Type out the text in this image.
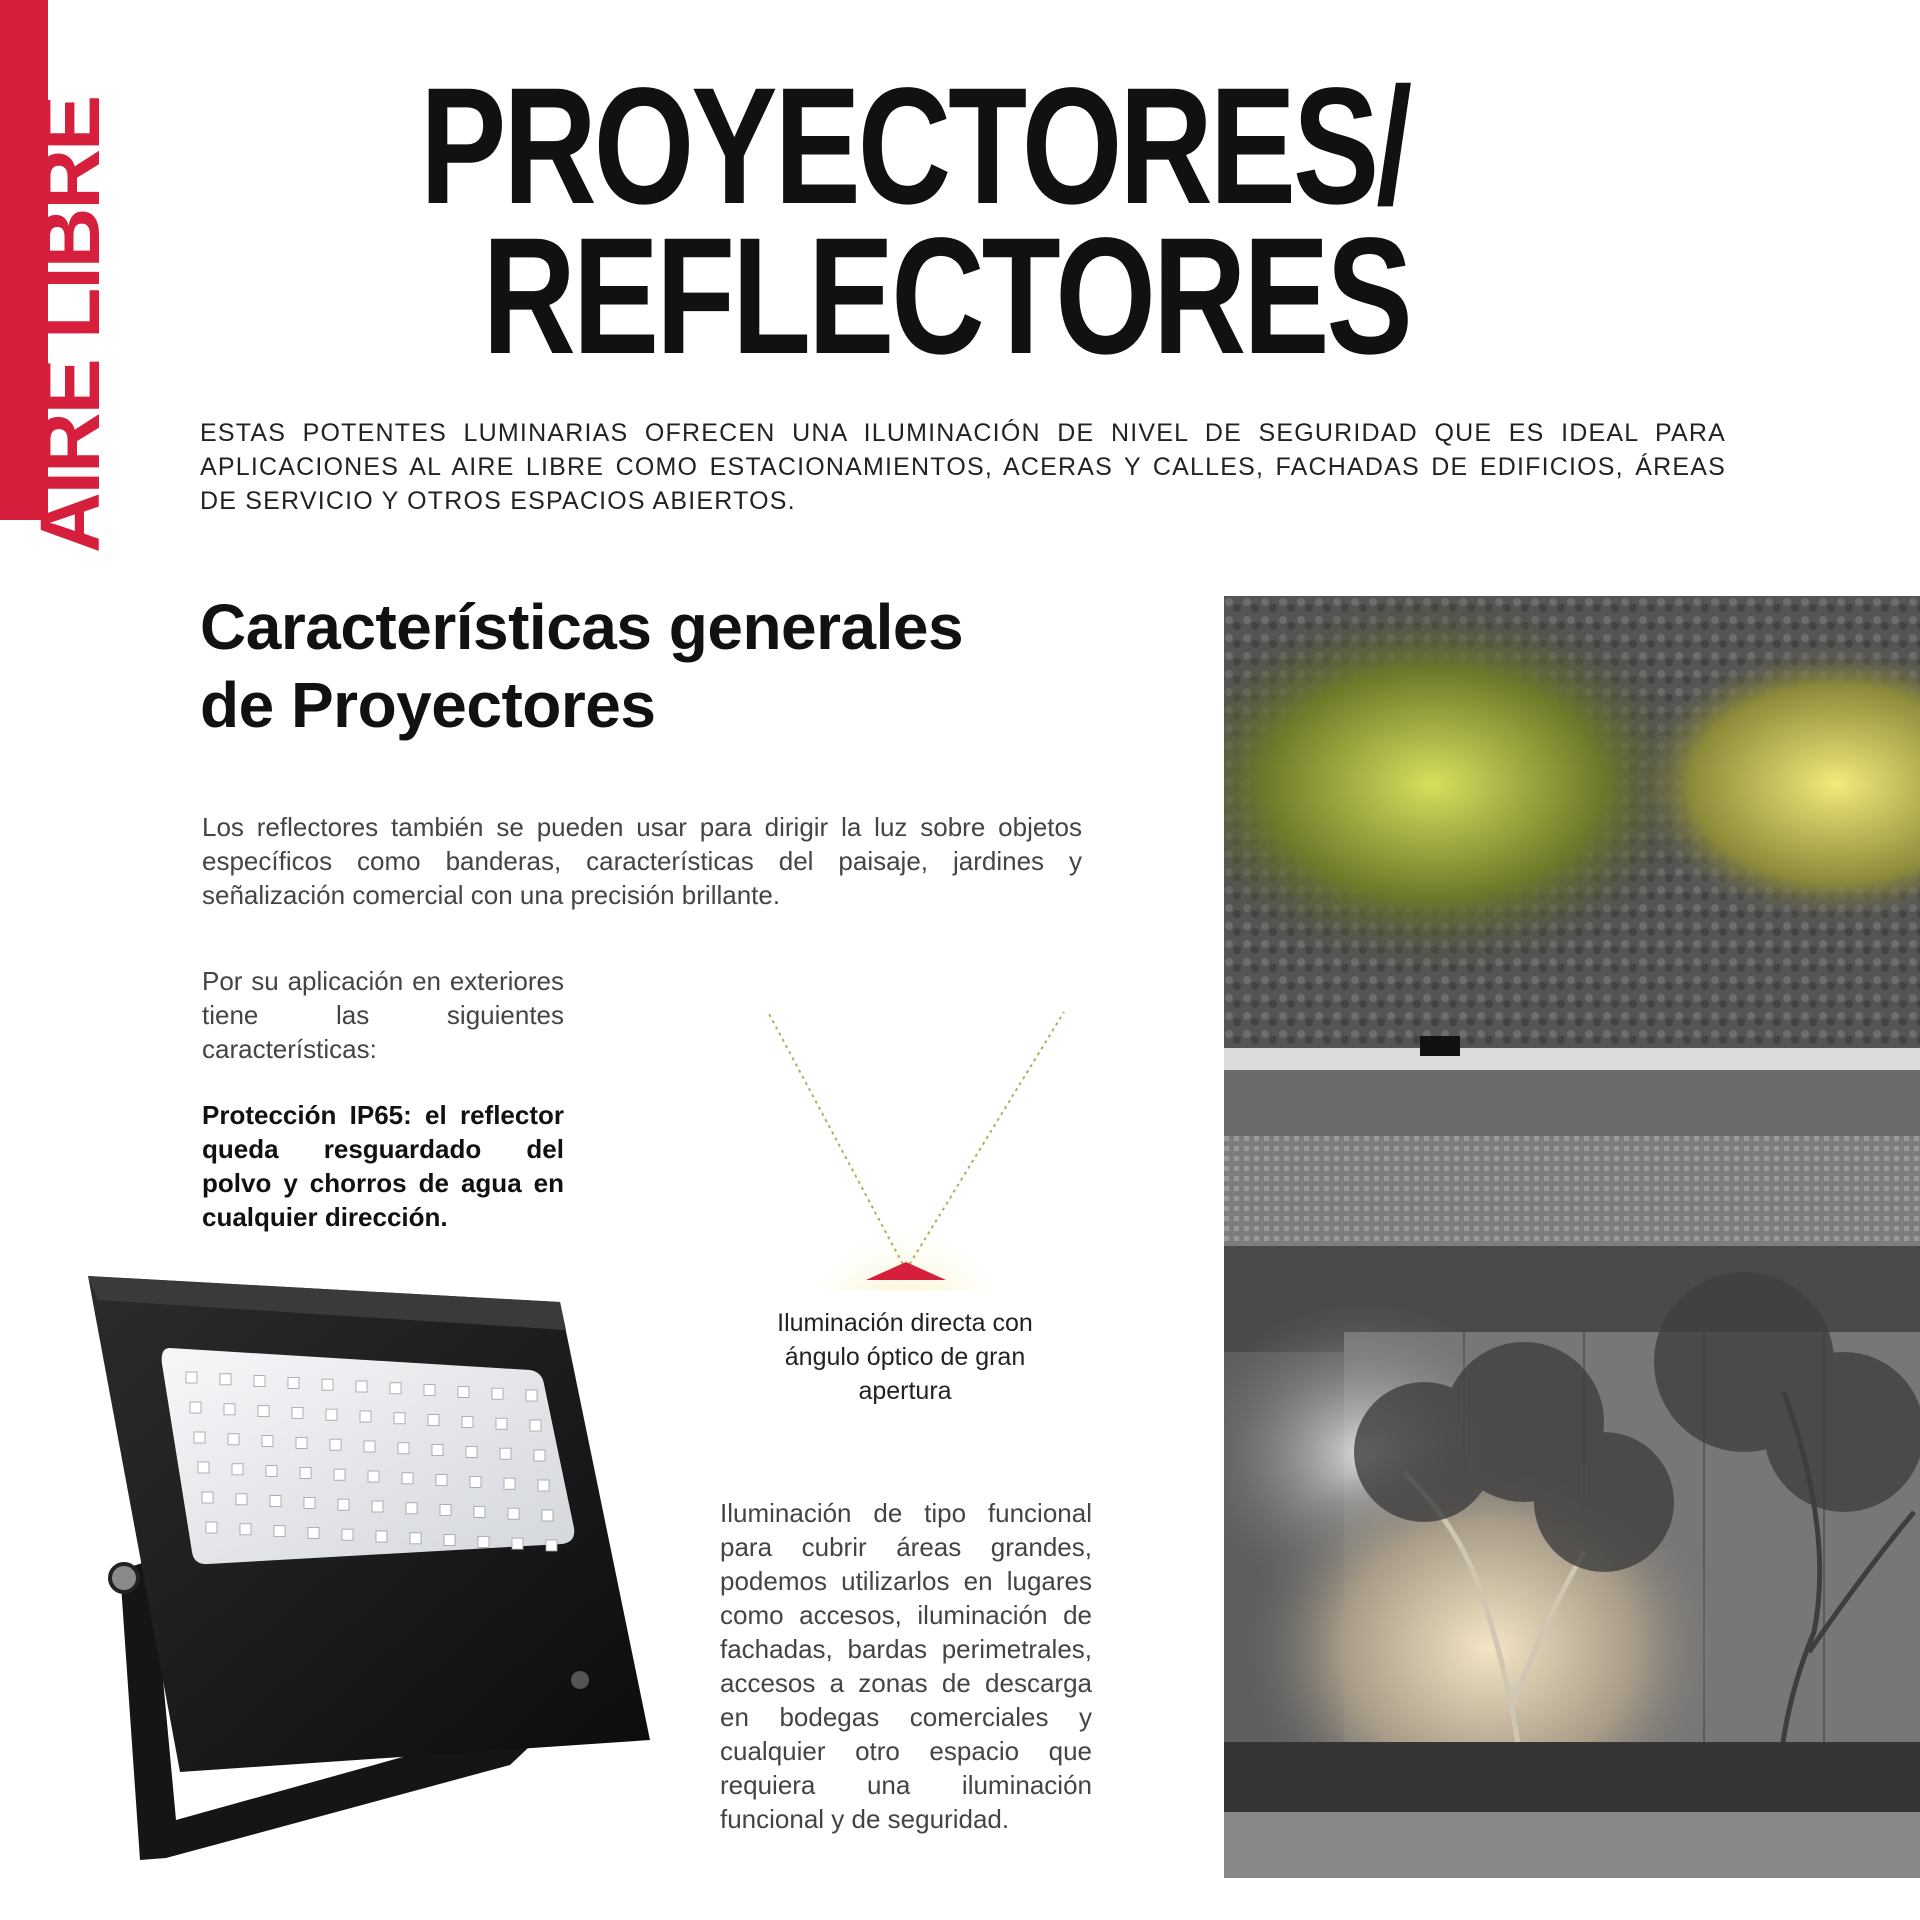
AIRE LIBRE PROYECTORES/
REFLECTORES
ESTAS POTENTES LUMINARIAS OFRECEN UNA ILUMINACIÓN DE NIVEL DE SEGURIDAD QUE ES IDEAL PARA APLICACIONES AL AIRE LIBRE COMO ESTACIONAMIENTOS, ACERAS Y CALLES, FACHADAS DE EDIFICIOS, ÁREAS DE SERVICIO Y OTROS ESPACIOS ABIERTOS.
Características generales
de Proyectores
Los reflectores también se pueden usar para dirigir la luz sobre objetos específicos como banderas, características del paisaje, jardines y señalización comercial con una precisión brillante.
Por su aplicación en exteriores tiene las siguientes características:
Protección IP65: el reflector queda resguardado del polvo y chorros de agua en cualquier dirección.
Iluminación directa con ángulo óptico de gran apertura
Iluminación de tipo funcional para cubrir áreas grandes, podemos utilizarlos en lugares como accesos, iluminación de fachadas, bardas perimetrales, accesos a zonas de descarga en bodegas comerciales y cualquier otro espacio que requiera una iluminación funcional y de seguridad.
